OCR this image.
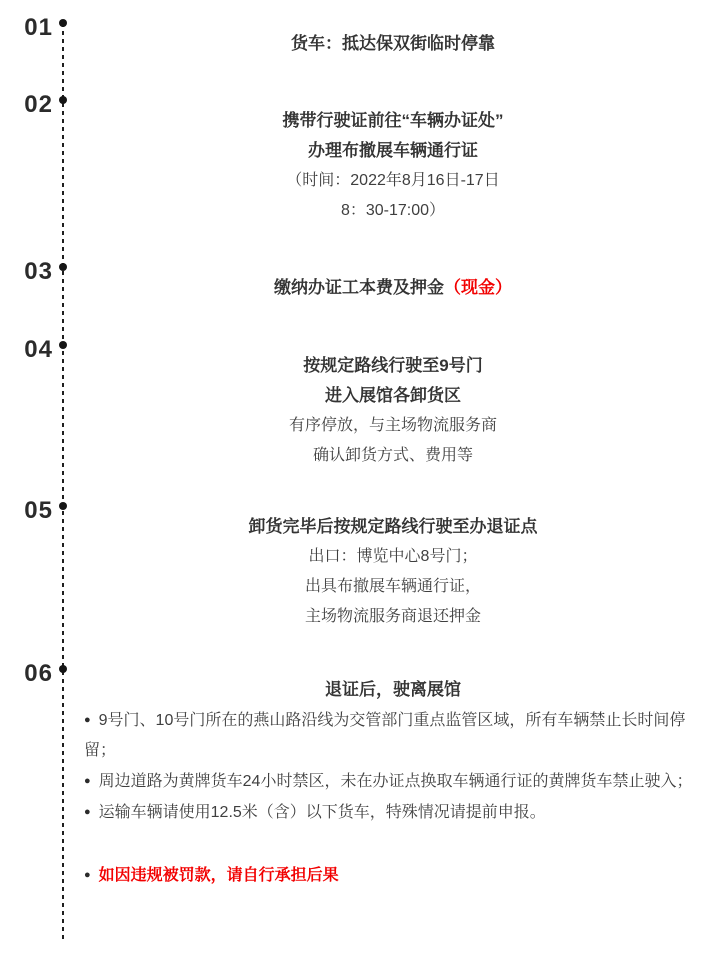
01

货车：抵达保双街临时停靠

02

携带行驶证前往“车辆办证处”

办理布撤展车辆通行证

（时间：2022年8月16日-17日

8：30-17:00）

03

缴纳办证工本费及押金（现金）

04

按规定路线行驶至9号门

进入展馆各卸货区

有序停放，与主场物流服务商

确认卸货方式、费用等

05

卸货完毕后按规定路线行驶至办退证点

出口：博览中心8号门；

出具布撤展车辆通行证，

主场物流服务商退还押金

06

退证后，驶离展馆

● 9号门、10号门所在的燕山路沿线为交管部门重点监管区域，所有车辆禁止长时间停留；

● 周边道路为黄牌货车24小时禁区，未在办证点换取车辆通行证的黄牌货车禁止驶入；

● 运输车辆请使用12.5米（含）以下货车，特殊情况请提前申报。

● 如因违规被罚款，请自行承担后果
